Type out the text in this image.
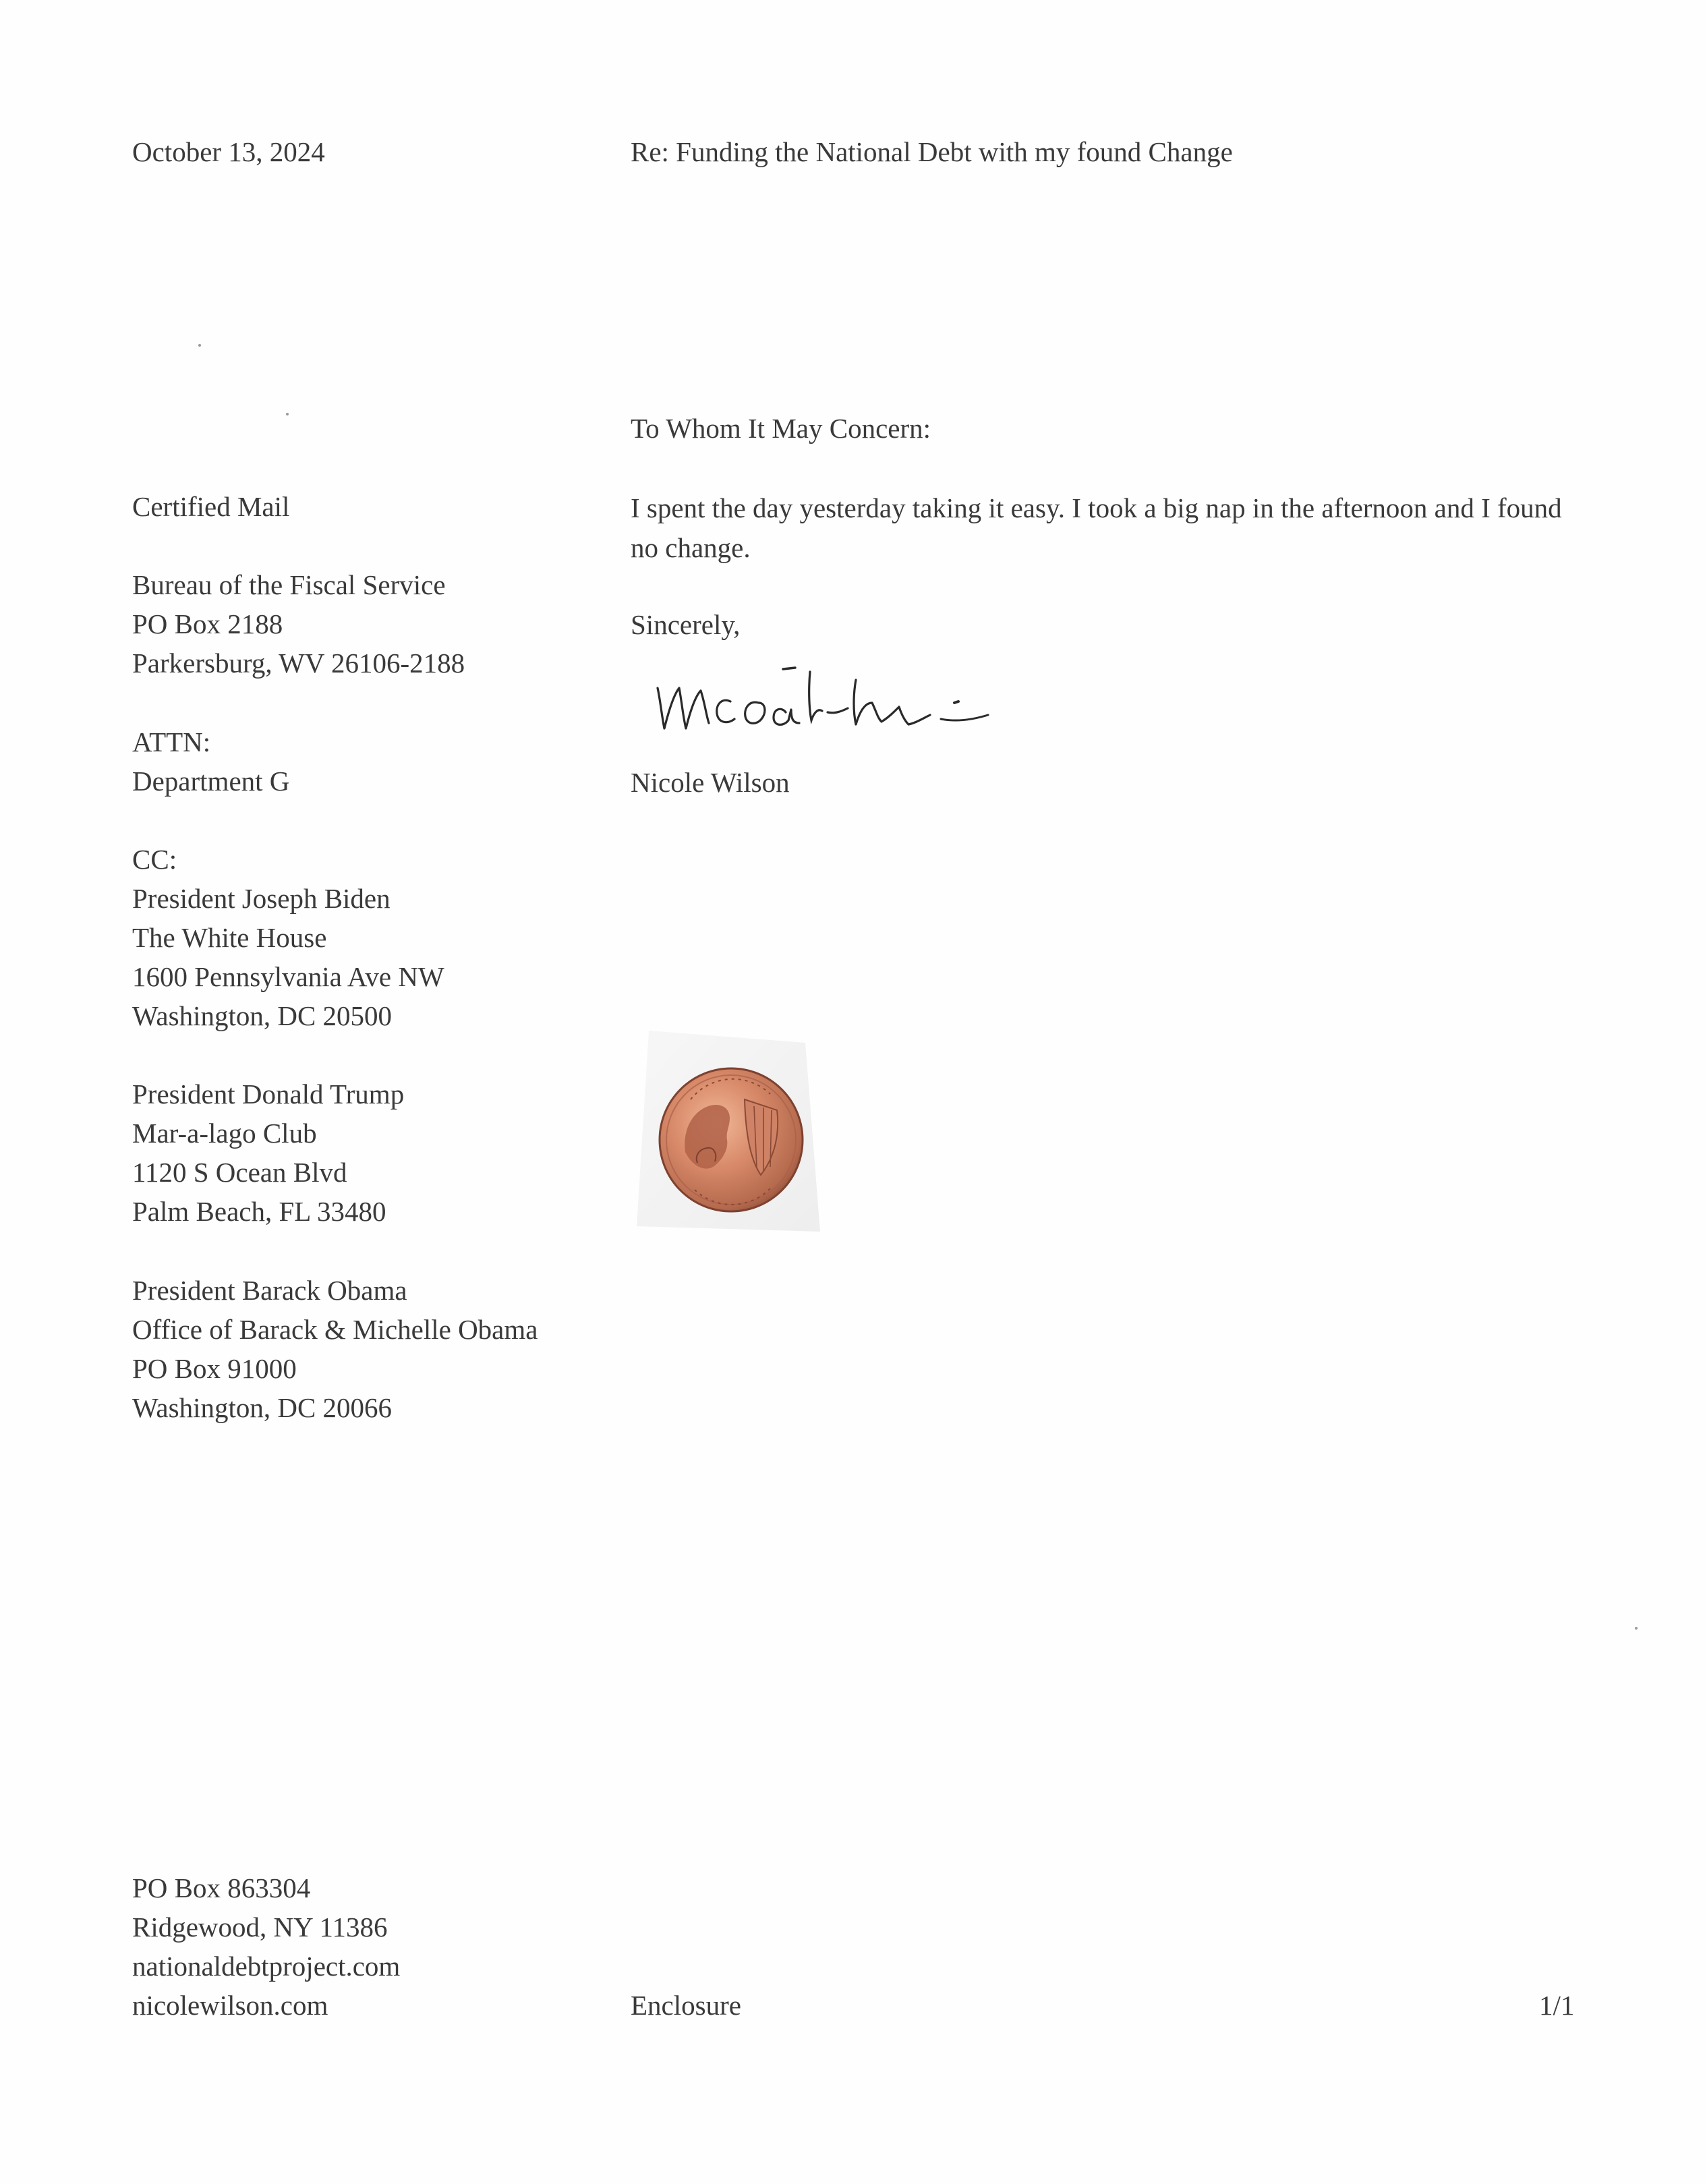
October 13, 2024	Re: Funding the National Debt with my found Change
To Whom It May Concern:
Certified Mail
Bureau of the Fiscal Service
PO Box 2188
Parkersburg, WV 26106-2188
ATTN:
Department G
CC:
President Joseph Biden
The White House
1600 Pennsylvania Ave NW
Washington, DC 20500
President Donald Trump
Mar-a-lago Club
1120 S Ocean Blvd
Palm Beach, FL 33480
President Barack Obama
Office of Barack & Michelle Obama
PO Box 91000
Washington, DC 20066
I spent the day yesterday taking it easy. I took a big nap in the afternoon and I found no change.
Sincerely,
Nicole Wilson
PO Box 863304
Ridgewood, NY 11386
nationaldebtproject.com
nicolewilson.com	Enclosure	1/1
